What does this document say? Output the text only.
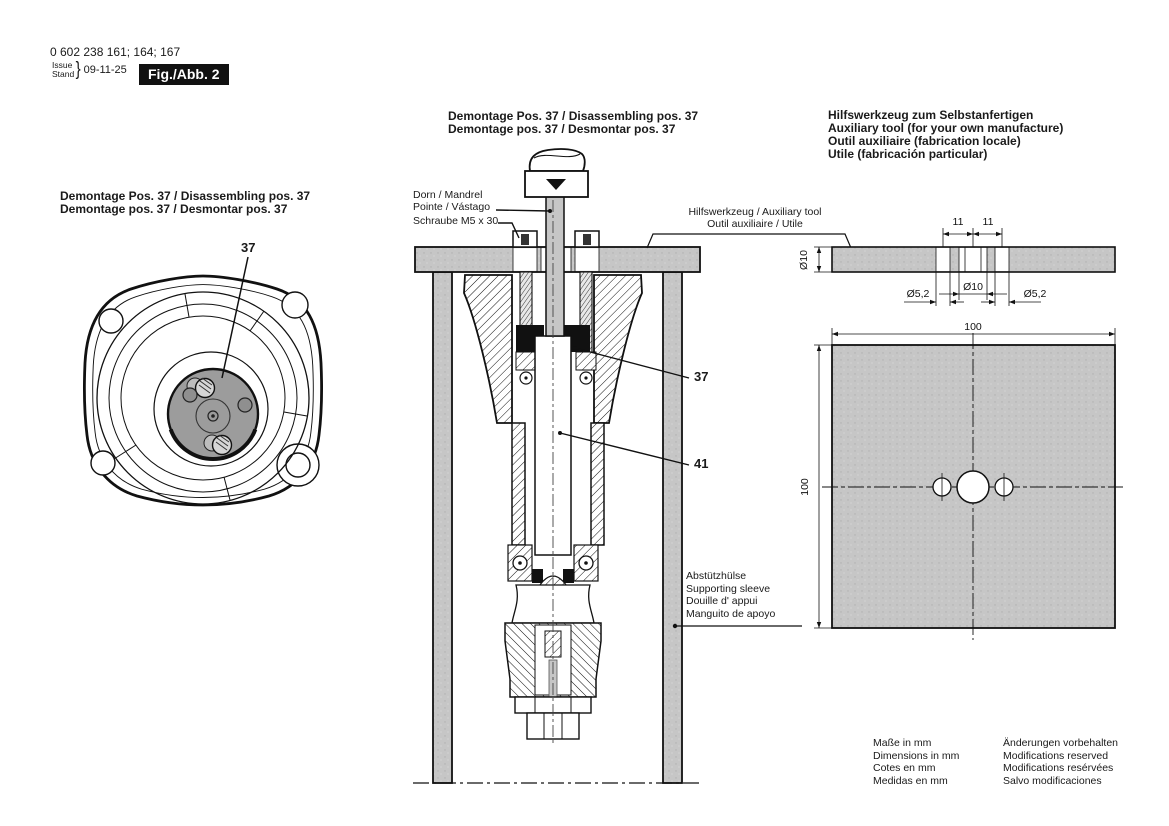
0 602 238 161; 164; 167
Issue
Stand } 09-11-25	Fig./Abb. 2
Demontage Pos. 37 / Disassembling pos. 37
Demontage pos. 37 / Desmontar pos. 37
Demontage Pos. 37 / Disassembling pos. 37
Demontage pos. 37 / Desmontar pos. 37
Hilfswerkzeug zum Selbstanfertigen
Auxiliary tool (for your own manufacture)
Outil auxiliaire (fabrication locale)
Utile (fabricación particular)
37
Dorn / Mandrel
Pointe / Vástago
Schraube M5 x 30
Hilfswerkzeug / Auxiliary tool
Outil auxiliaire / Utile
37
41
Abstützhülse
Supporting sleeve
Douille d' appui
Manguito de apoyo
11 11
Ø10
Ø5,2
Ø10
Ø5,2
100
100
Maße in mm
Dimensions in mm
Cotes en mm
Medidas en mm
Änderungen vorbehalten
Modifications reserved
Modifications resérvées
Salvo modificaciones
